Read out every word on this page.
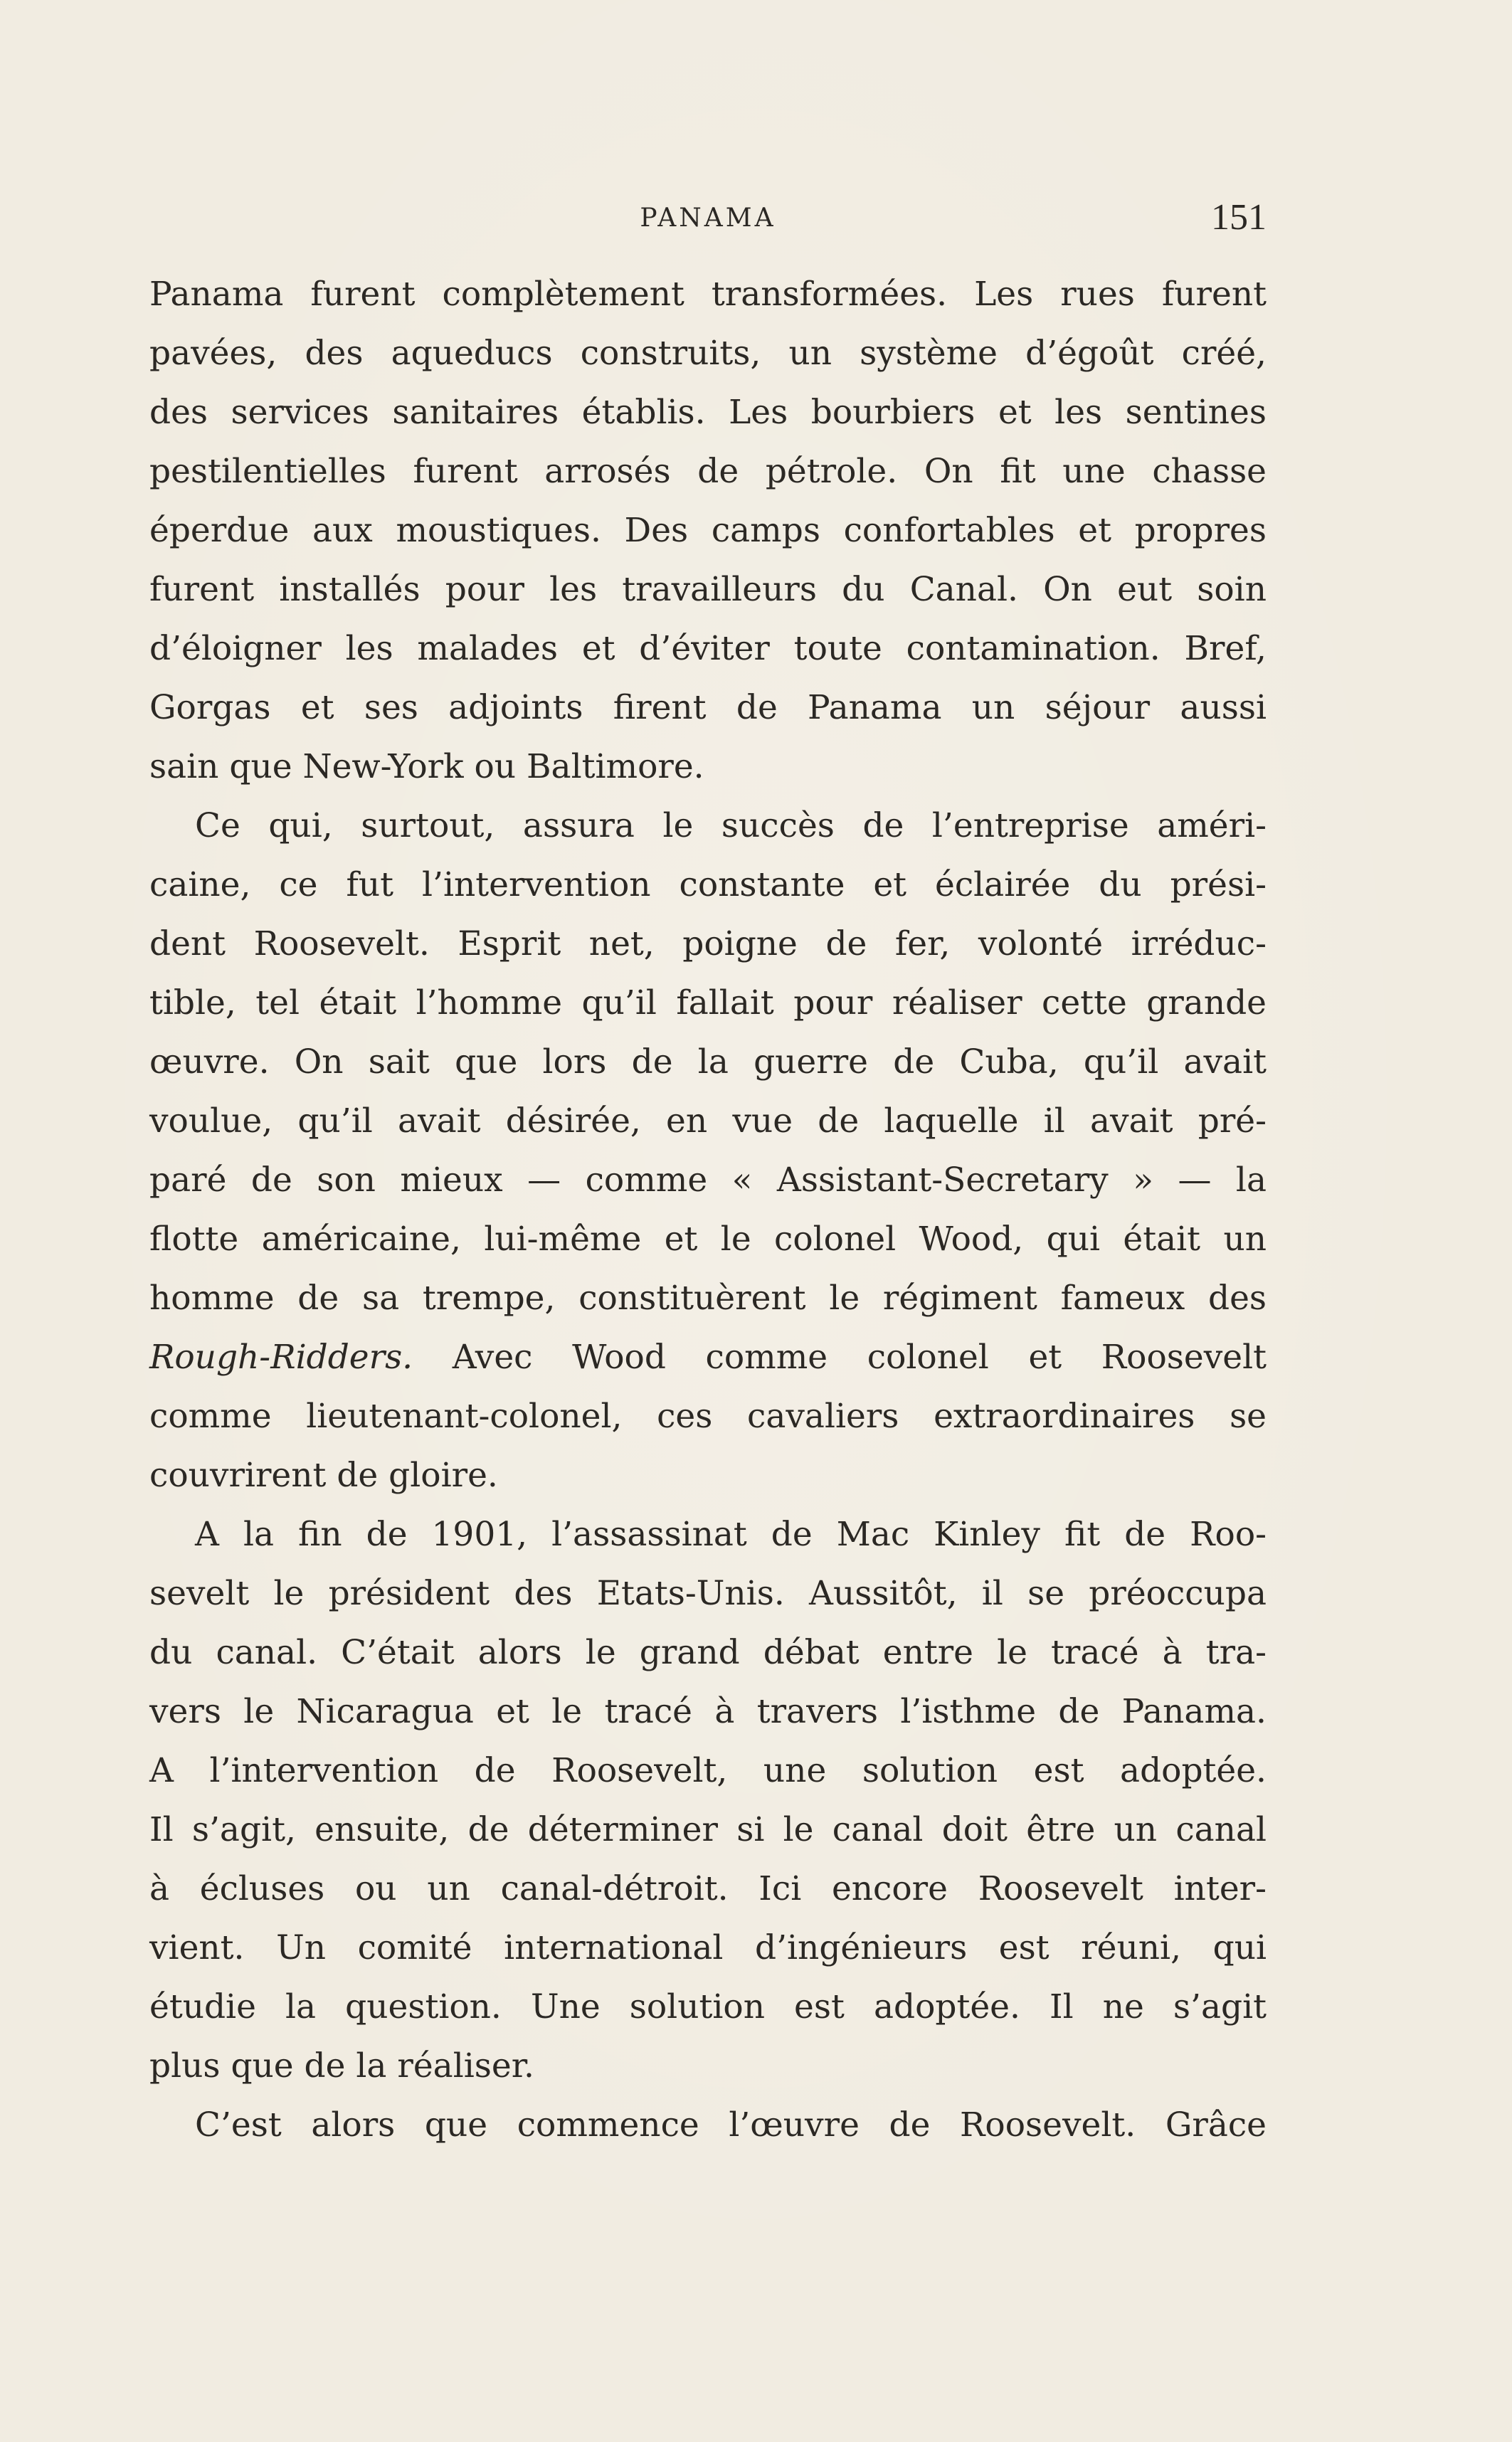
PANAMA	151
Panama furent complètement transformées. Les rues furent
pavées, des aqueducs construits, un système d’égoût créé,
des services sanitaires établis. Les bourbiers et les sentines
pestilentielles furent arrosés de pétrole. On fit une chasse
éperdue aux moustiques. Des camps confortables et propres
furent installés pour les travailleurs du Canal. On eut soin
d’éloigner les malades et d’éviter toute contamination. Bref,
Gorgas et ses adjoints firent de Panama un séjour aussi
sain que New-York ou Baltimore.
Ce qui, surtout, assura le succès de l’entreprise améri-
caine, ce fut l’intervention constante et éclairée du prési-
dent Roosevelt. Esprit net, poigne de fer, volonté irréduc-
tible, tel était l’homme qu’il fallait pour réaliser cette grande
œuvre. On sait que lors de la guerre de Cuba, qu’il avait
voulue, qu’il avait désirée, en vue de laquelle il avait pré-
paré de son mieux — comme « Assistant-Secretary » — la
flotte américaine, lui-même et le colonel Wood, qui était un
homme de sa trempe, constituèrent le régiment fameux des
Rough-Ridders. Avec Wood comme colonel et Roosevelt
comme lieutenant-colonel, ces cavaliers extraordinaires se
couvrirent de gloire.
A la fin de 1901, l’assassinat de Mac Kinley fit de Roo-
sevelt le président des Etats-Unis. Aussitôt, il se préoccupa
du canal. C’était alors le grand débat entre le tracé à tra-
vers le Nicaragua et le tracé à travers l’isthme de Panama.
A l’intervention de Roosevelt, une solution est adoptée.
Il s’agit, ensuite, de déterminer si le canal doit être un canal
à écluses ou un canal-détroit. Ici encore Roosevelt inter-
vient. Un comité international d’ingénieurs est réuni, qui
étudie la question. Une solution est adoptée. Il ne s’agit
plus que de la réaliser.
C’est alors que commence l’œuvre de Roosevelt. Grâce
